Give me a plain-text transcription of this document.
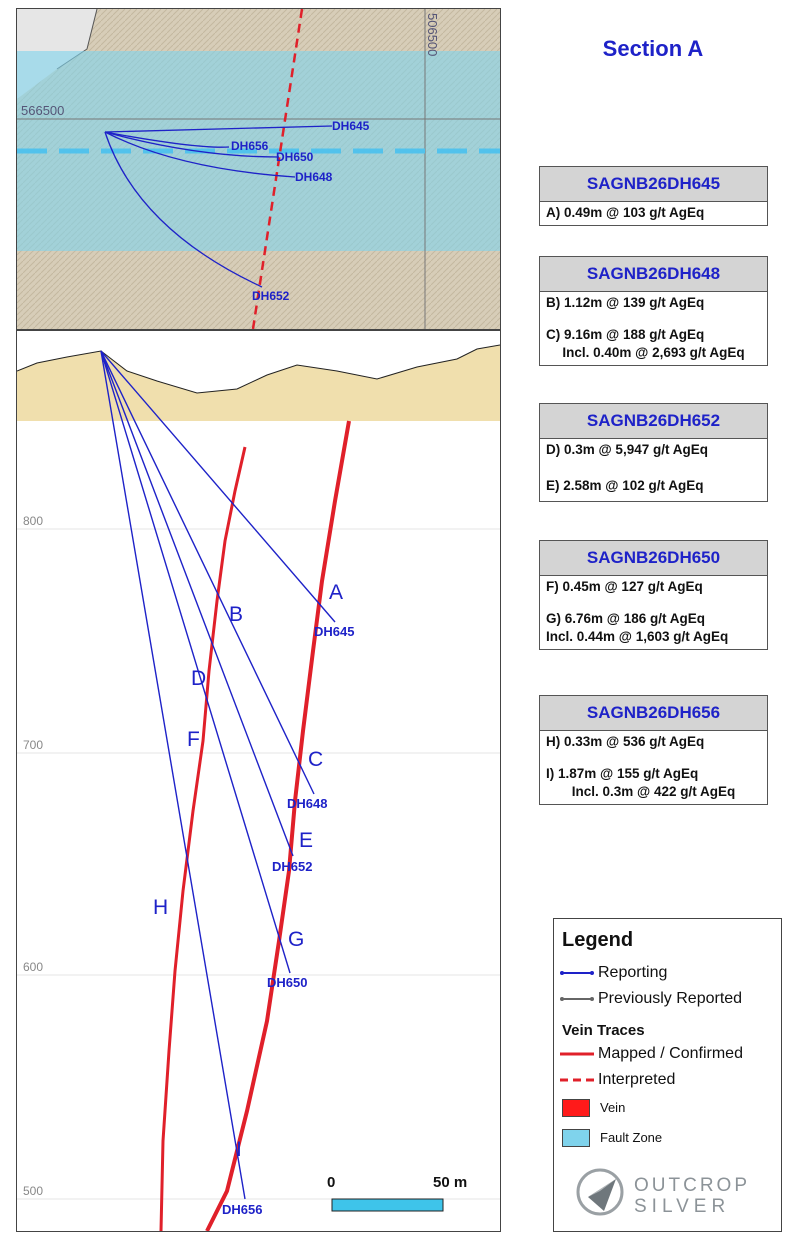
Section A
566500
506500
DH645
DH656
DH650
DH648
DH652
800
700
600
500
A
B
C
D
E
F
G
H
I
DH645
DH648
DH652
DH650
DH656
0	50 m
SAGNB26DH645
A) 0.49m @ 103 g/t AgEq
SAGNB26DH648
B) 1.12m @ 139 g/t AgEq
C) 9.16m @ 188 g/t AgEq
Incl. 0.40m @ 2,693 g/t AgEq
SAGNB26DH652
D) 0.3m @ 5,947 g/t AgEq
E) 2.58m @ 102 g/t AgEq
SAGNB26DH650
F) 0.45m @ 127 g/t AgEq
G) 6.76m @ 186 g/t AgEq
Incl. 0.44m @ 1,603 g/t AgEq
SAGNB26DH656
H) 0.33m @ 536 g/t AgEq
I) 1.87m @ 155 g/t AgEq
Incl. 0.3m @ 422 g/t AgEq
Legend
Reporting
Previously Reported
Vein Traces
Mapped / Confirmed
Interpreted
Vein
Fault Zone
OUTCROP
SILVER
